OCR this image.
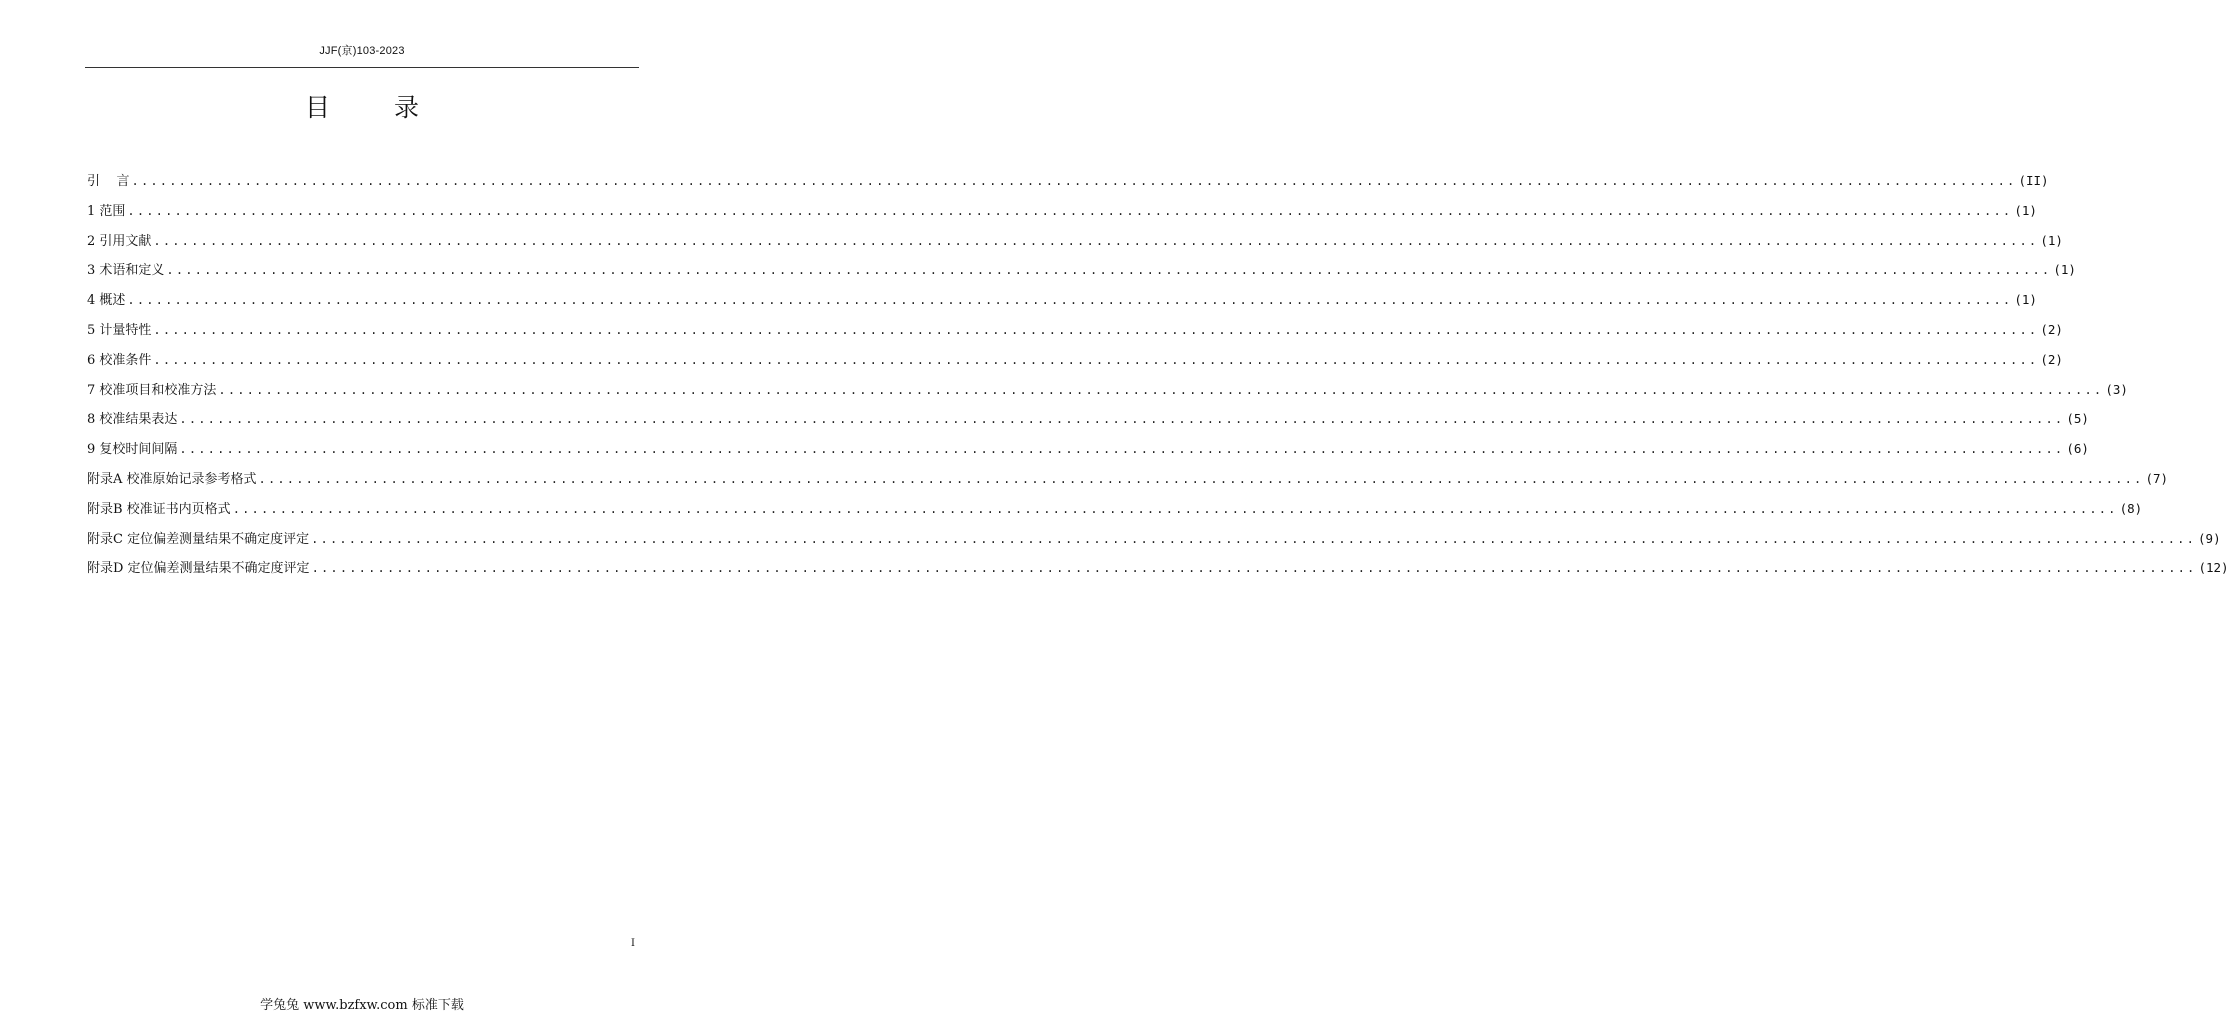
JJF(京)103-2023
目 录
引    言 ........................................................................................................................................................................................................ (II)
1 范围 ........................................................................................................................................................................................................ (1)
2 引用文献 ........................................................................................................................................................................................................ (1)
3 术语和定义 ........................................................................................................................................................................................................ (1)
4 概述 ........................................................................................................................................................................................................ (1)
5 计量特性 ........................................................................................................................................................................................................ (2)
6 校准条件 ........................................................................................................................................................................................................ (2)
7 校准项目和校准方法 ........................................................................................................................................................................................................ (3)
8 校准结果表达 ........................................................................................................................................................................................................ (5)
9 复校时间间隔 ........................................................................................................................................................................................................ (6)
附录A 校准原始记录参考格式 ........................................................................................................................................................................................................ (7)
附录B 校准证书内页格式 ........................................................................................................................................................................................................ (8)
附录C 定位偏差测量结果不确定度评定 ........................................................................................................................................................................................................ (9)
附录D 定位偏差测量结果不确定度评定 ........................................................................................................................................................................................................ (12)
I
学兔兔 www.bzfxw.com 标准下载
